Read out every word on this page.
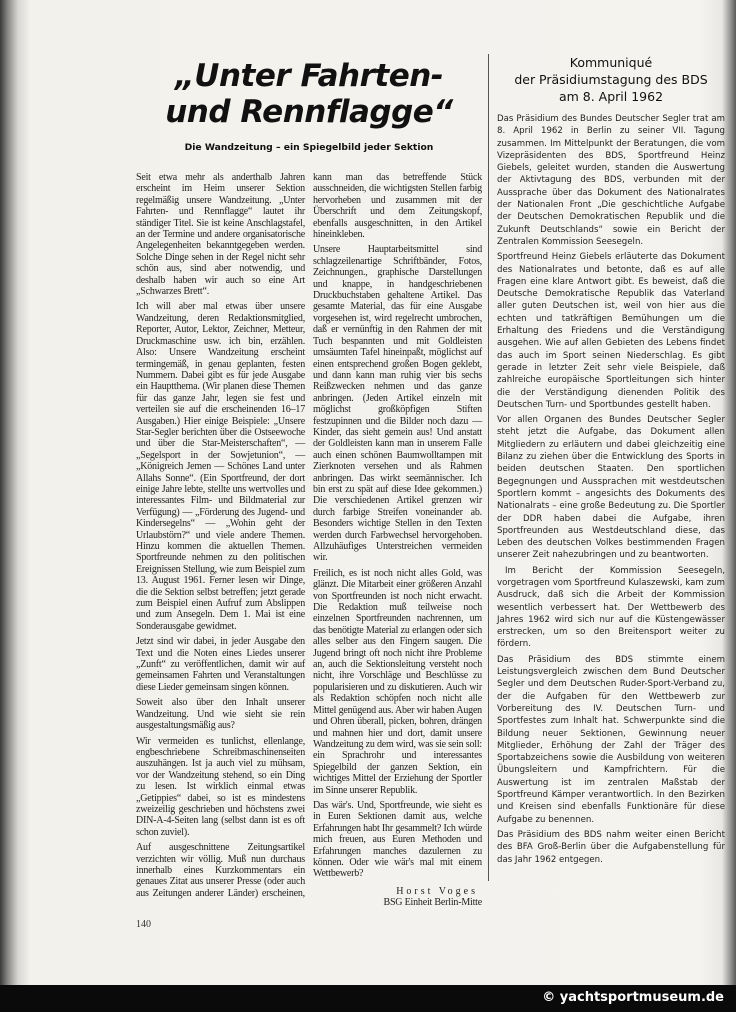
„Unter Fahrten-
und Rennflagge“
Die Wandzeitung – ein Spiegelbild jeder Sektion

Seit etwa mehr als anderthalb Jahren erscheint im Heim unserer Sektion regelmäßig unsere Wandzeitung. „Unter Fahrten- und Rennflagge“ lautet ihr ständiger Titel. Sie ist keine Anschlagstafel, an der Termine und andere organisatorische Angelegenheiten bekanntgegeben werden. Solche Dinge sehen in der Regel nicht sehr schön aus, sind aber notwendig, und deshalb haben wir auch so eine Art „Schwarzes Brett“.

Ich will aber mal etwas über unsere Wandzeitung, deren Redaktionsmitglied, Reporter, Autor, Lektor, Zeichner, Metteur, Druckmaschine usw. ich bin, erzählen. Also: Unsere Wandzeitung erscheint termingemäß, in genau geplanten, festen Nummern. Dabei gibt es für jede Ausgabe ein Hauptthema. (Wir planen diese Themen für das ganze Jahr, legen sie fest und verteilen sie auf die erscheinenden 16–17 Ausgaben.) Hier einige Beispiele: „Unsere Star-Segler berichten über die Ostseewoche und über die Star-Meisterschaften“, — „Segelsport in der Sowjetunion“, — „Königreich Jemen — Schönes Land unter Allahs Sonne“. (Ein Sportfreund, der dort einige Jahre lebte, stellte uns wertvolles und interessantes Film- und Bildmaterial zur Verfügung) — „Förderung des Jugend- und Kindersegelns“ — „Wohin geht der Urlaubstörn?“ und viele andere Themen. Hinzu kommen die aktuellen Themen. Sportfreunde nehmen zu den politischen Ereignissen Stellung, wie zum Beispiel zum 13. August 1961. Ferner lesen wir Dinge, die die Sektion selbst betreffen; jetzt gerade zum Beispiel einen Aufruf zum Abslippen und zum Ansegeln. Dem 1. Mai ist eine Sonderausgabe gewidmet.

Jetzt sind wir dabei, in jeder Ausgabe den Text und die Noten eines Liedes unserer „Zunft“ zu veröffentlichen, damit wir auf gemeinsamen Fahrten und Veranstaltungen diese Lieder gemeinsam singen können.

Soweit also über den Inhalt unserer Wandzeitung. Und wie sieht sie rein ausgestaltungsmäßig aus?

Wir vermeiden es tunlichst, ellenlange, engbeschriebene Schreibmaschinenseiten auszuhängen. Ist ja auch viel zu mühsam, vor der Wandzeitung stehend, so ein Ding zu lesen. Ist wirklich einmal etwas „Getippies“ dabei, so ist es mindestens zweizeilig geschrieben und höchstens zwei DIN-A-4-Seiten lang (selbst dann ist es oft schon zuviel).

Auf ausgeschnittene Zeitungsartikel verzichten wir völlig. Muß nun durchaus innerhalb eines Kurzkommentars ein genaues Zitat aus unserer Presse (oder auch aus Zeitungen anderer Länder) erscheinen, kann man das betreffende Stück ausschneiden, die wichtigsten Stellen farbig hervorheben und zusammen mit der Überschrift und dem Zeitungskopf, ebenfalls ausgeschnitten, in den Artikel hineinkleben.

Unsere Hauptarbeitsmittel sind schlagzeilenartige Schriftbänder, Fotos, Zeichnungen., graphische Darstellungen und knappe, in handgeschriebenen Druckbuchstaben gehaltene Artikel. Das gesamte Material, das für eine Ausgabe vorgesehen ist, wird regelrecht umbrochen, daß er vernünftig in den Rahmen der mit Tuch bespannten und mit Goldleisten umsäumten Tafel hineinpaßt, möglichst auf einen entsprechend großen Bogen geklebt, und dann kann man ruhig vier bis sechs Reißzwecken nehmen und das ganze anbringen. (Jeden Artikel einzeln mit möglichst großköpfigen Stiften festzupinnen und die Bilder noch dazu — Kinder, das sieht gemein aus! Und anstatt der Goldleisten kann man in unserem Falle auch einen schönen Baumwolltampen mit Zierknoten versehen und als Rahmen anbringen. Das wirkt seemännischer. Ich bin erst zu spät auf diese Idee gekommen.) Die verschiedenen Artikel grenzen wir durch farbige Streifen voneinander ab. Besonders wichtige Stellen in den Texten werden durch Farbwechsel hervorgehoben. Allzuhäufiges Unterstreichen vermeiden wir.

Freilich, es ist noch nicht alles Gold, was glänzt. Die Mitarbeit einer größeren Anzahl von Sportfreunden ist noch nicht erwacht. Die Redaktion muß teilweise noch einzelnen Sportfreunden nachrennen, um das benötigte Material zu erlangen oder sich alles selber aus den Fingern saugen. Die Jugend bringt oft noch nicht ihre Probleme an, auch die Sektionsleitung versteht noch nicht, ihre Vorschläge und Beschlüsse zu popularisieren und zu diskutieren. Auch wir als Redaktion schöpfen noch nicht alle Mittel genügend aus. Aber wir haben Augen und Ohren überall, picken, bohren, drängen und mahnen hier und dort, damit unsere Wandzeitung zu dem wird, was sie sein soll: ein Sprachrohr und interessantes Spiegelbild der ganzen Sektion, ein wichtiges Mittel der Erziehung der Sportler im Sinne unserer Republik.

Das wär's. Und, Sportfreunde, wie sieht es in Euren Sektionen damit aus, welche Erfahrungen habt Ihr gesammelt? Ich würde mich freuen, aus Euren Methoden und Erfahrungen manches dazulernen zu können. Oder wie wär's mal mit einem Wettbewerb?

Horst Voges
BSG Einheit Berlin-Mitte
140
Kommuniqué
der Präsidiumstagung des BDS
am 8. April 1962

Das Präsidium des Bundes Deutscher Segler trat am 8. April 1962 in Berlin zu seiner VII. Tagung zusammen. Im Mittelpunkt der Beratungen, die vom Vizepräsidenten des BDS, Sportfreund Heinz Giebels, geleitet wurden, standen die Auswertung der Aktivtagung des BDS, verbunden mit der Aussprache über das Dokument des Nationalrates der Nationalen Front „Die geschichtliche Aufgabe der Deutschen Demokratischen Republik und die Zukunft Deutschlands“ sowie ein Bericht der Zentralen Kommission Seesegeln.

Sportfreund Heinz Giebels erläuterte das Dokument des Nationalrates und betonte, daß es auf alle Fragen eine klare Antwort gibt. Es beweist, daß die Deutsche Demokratische Republik das Vaterland aller guten Deutschen ist, weil von hier aus die echten und tatkräftigen Bemühungen um die Erhaltung des Friedens und die Verständigung ausgehen. Wie auf allen Gebieten des Lebens findet das auch im Sport seinen Niederschlag. Es gibt gerade in letzter Zeit sehr viele Beispiele, daß zahlreiche europäische Sportleitungen sich hinter die der Verständigung dienenden Politik des Deutschen Turn- und Sportbundes gestellt haben.

Vor allen Organen des Bundes Deutscher Segler steht jetzt die Aufgabe, das Dokument allen Mitgliedern zu erläutern und dabei gleichzeitig eine Bilanz zu ziehen über die Entwicklung des Sports in beiden deutschen Staaten. Den sportlichen Begegnungen und Aussprachen mit westdeutschen Sportlern kommt – angesichts des Dokuments des Nationalrats – eine große Bedeutung zu. Die Sportler der DDR haben dabei die Aufgabe, ihren Sportfreunden aus Westdeutschland diese, das Leben des deutschen Volkes bestimmenden Fragen unserer Zeit nahezubringen und zu beantworten.

Im Bericht der Kommission Seesegeln, vorgetragen vom Sportfreund Kulaszewski, kam zum Ausdruck, daß sich die Arbeit der Kommission wesentlich verbessert hat. Der Wettbewerb des Jahres 1962 wird sich nur auf die Küstengewässer erstrecken, um so den Breitensport weiter zu fördern.

Das Präsidium des BDS stimmte einem Leistungsvergleich zwischen dem Bund Deutscher Segler und dem Deutschen Ruder-Sport-Verband zu, der die Aufgaben für den Wettbewerb zur Vorbereitung des IV. Deutschen Turn- und Sportfestes zum Inhalt hat. Schwerpunkte sind die Bildung neuer Sektionen, Gewinnung neuer Mitglieder, Erhöhung der Zahl der Träger des Sportabzeichens sowie die Ausbildung von weiteren Übungsleitern und Kampfrichtern. Für die Auswertung ist im zentralen Maßstab der Sportfreund Kämper verantwortlich. In den Bezirken und Kreisen sind ebenfalls Funktionäre für diese Aufgabe zu benennen.

Das Präsidium des BDS nahm weiter einen Bericht des BFA Groß-Berlin über die Aufgabenstellung für das Jahr 1962 entgegen.

© yachtsportmuseum.de
